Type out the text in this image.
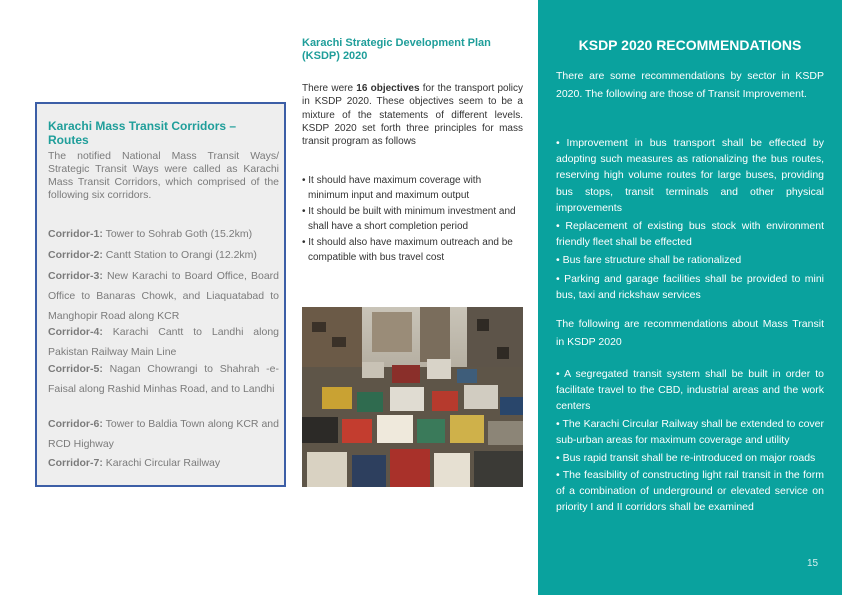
Karachi Mass Transit Corridors – Routes
The notified National Mass Transit Ways/ Strategic Transit Ways were called as Karachi Mass Transit Corridors, which comprised of the following six corridors.
Corridor-1: Tower to Sohrab Goth (15.2km)
Corridor-2: Cantt Station to Orangi (12.2km)
Corridor-3: New Karachi to Board Office, Board Office to Banaras Chowk, and Liaquatabad to Manghopir Road along KCR
Corridor-4: Karachi Cantt to Landhi along Pakistan Railway Main Line
Corridor-5: Nagan Chowrangi to Shahrah -e-Faisal along Rashid Minhas Road, and to Landhi
Corridor-6: Tower to Baldia Town along KCR and RCD Highway
Corridor-7: Karachi Circular Railway
Karachi Strategic Development Plan (KSDP) 2020
There were 16 objectives for the transport policy in KSDP 2020. These objectives seem to be a mixture of the statements of different levels. KSDP 2020 set forth three principles for mass transit program as follows
• It should have maximum coverage with minimum input and maximum output
• It should be built with minimum investment and shall have a short completion period
• It should also have maximum outreach and be compatible with bus travel cost
KSDP 2020 RECOMMENDATIONS
There are some recommendations by sector in KSDP 2020. The following are those of Transit Improvement.
• Improvement in bus transport shall be effected by adopting such measures as rationalizing the bus routes, reserving high volume routes for large buses, providing bus stops, transit terminals and other physical improvements
• Replacement of existing bus stock with environment friendly fleet shall be effected
• Bus fare structure shall be rationalized
• Parking and garage facilities shall be provided to mini bus, taxi and rickshaw services
The following are recommendations about Mass Transit in KSDP 2020
• A segregated transit system shall be built in order to facilitate travel to the CBD, industrial areas and the work centers
• The Karachi Circular Railway shall be extended to cover sub-urban areas for maximum coverage and utility
• Bus rapid transit shall be re-introduced on major roads
• The feasibility of constructing light rail transit in the form of a combination of underground or elevated service on priority I and II corridors shall be examined
15
